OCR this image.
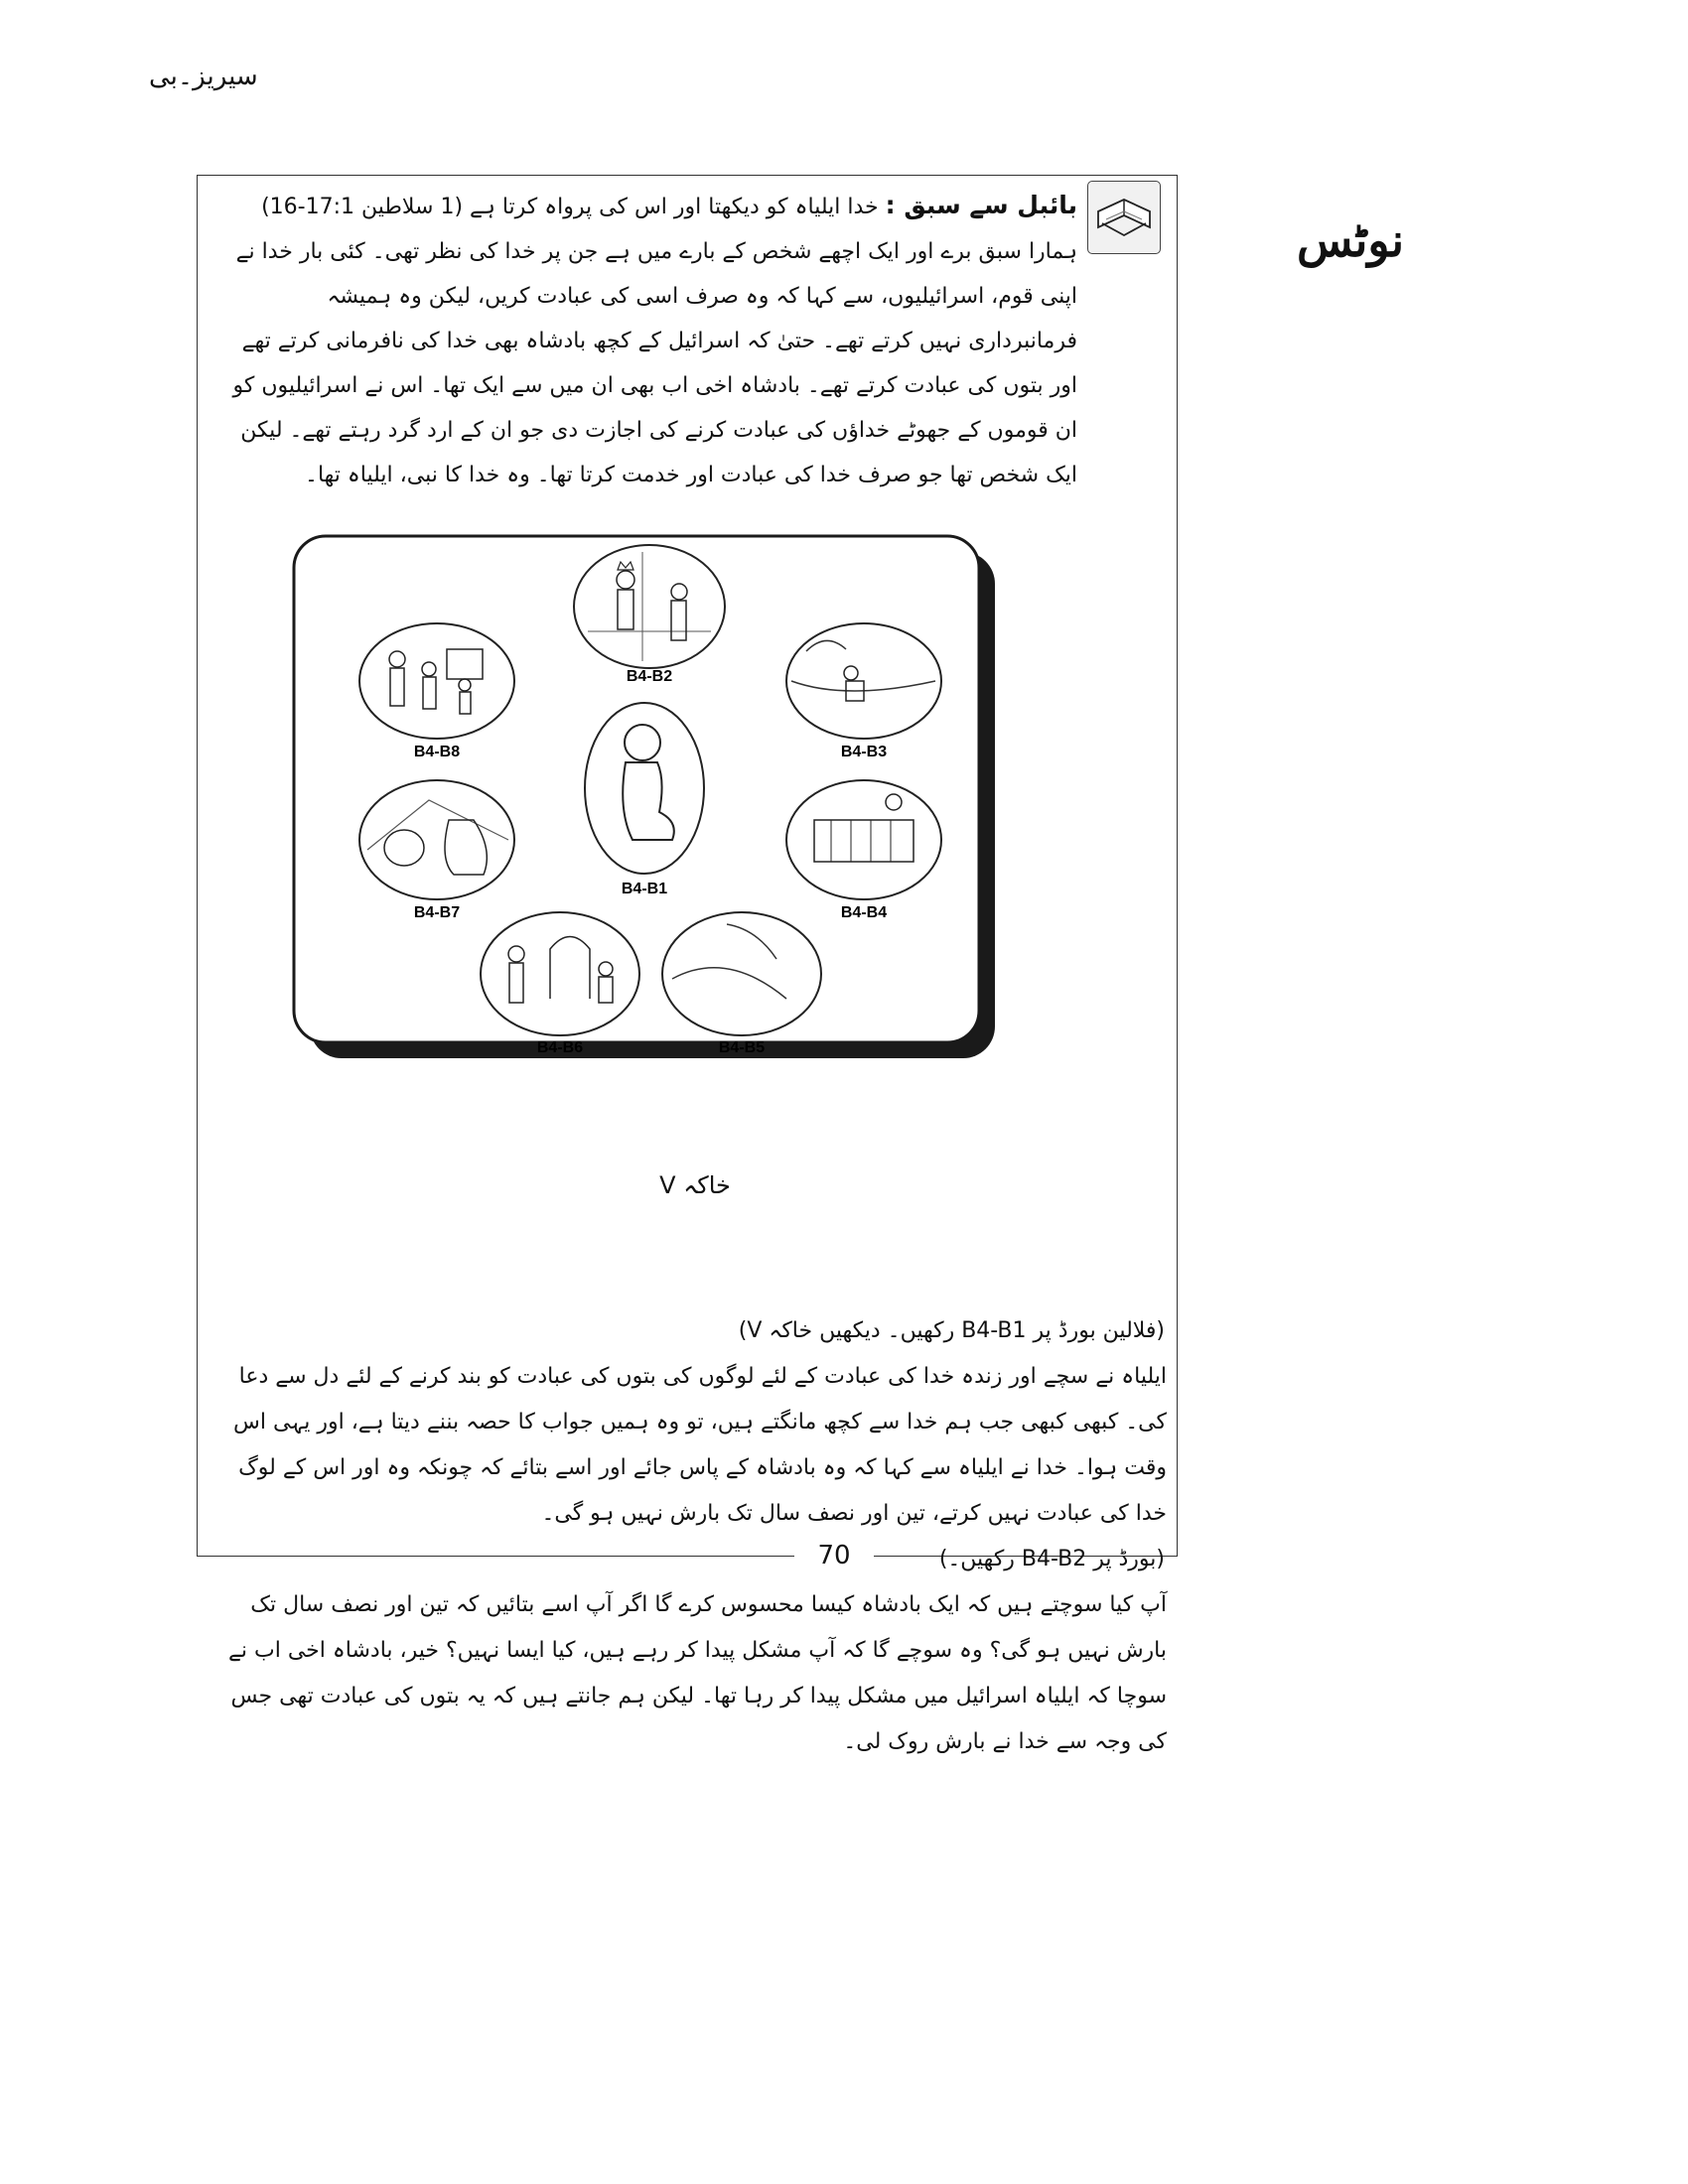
سیریز۔بی
نوٹس
70

بائبل سے سبق : خدا ایلیاہ کو دیکھتا اور اس کی پرواہ کرتا ہے (1 سلاطین 17:1-16) ہمارا سبق برے اور ایک اچھے شخص کے بارے میں ہے جن پر خدا کی نظر تھی۔ کئی بار خدا نے اپنی قوم، اسرائیلیوں، سے کہا کہ وہ صرف اسی کی عبادت کریں، لیکن وہ ہمیشہ فرمانبرداری نہیں کرتے تھے۔ حتیٰ کہ اسرائیل کے کچھ بادشاہ بھی خدا کی نافرمانی کرتے تھے اور بتوں کی عبادت کرتے تھے۔ بادشاہ اخی اب بھی ان میں سے ایک تھا۔ اس نے اسرائیلیوں کو ان قوموں کے جھوٹے خداؤں کی عبادت کرنے کی اجازت دی جو ان کے ارد گرد رہتے تھے۔ لیکن ایک شخص تھا جو صرف خدا کی عبادت اور خدمت کرتا تھا۔ وہ خدا کا نبی، ایلیاہ تھا۔

B4-B2
B4-B3
B4-B8
B4-B1
B4-B7	B4-B4
B4-B6	B4-B5
خاکہ V

(فلالین بورڈ پر B4-B1 رکھیں۔ دیکھیں خاکہ V)

ایلیاہ نے سچے اور زندہ خدا کی عبادت کے لئے لوگوں کی بتوں کی عبادت کو بند کرنے کے لئے دل سے دعا کی۔ کبھی کبھی جب ہم خدا سے کچھ مانگتے ہیں، تو وہ ہمیں جواب کا حصہ بننے دیتا ہے، اور یہی اس وقت ہوا۔ خدا نے ایلیاہ سے کہا کہ وہ بادشاہ کے پاس جائے اور اسے بتائے کہ چونکہ وہ اور اس کے لوگ خدا کی عبادت نہیں کرتے، تین اور نصف سال تک بارش نہیں ہو گی۔

(بورڈ پر B4-B2 رکھیں۔)

آپ کیا سوچتے ہیں کہ ایک بادشاہ کیسا محسوس کرے گا اگر آپ اسے بتائیں کہ تین اور نصف سال تک بارش نہیں ہو گی؟ وہ سوچے گا کہ آپ مشکل پیدا کر رہے ہیں، کیا ایسا نہیں؟ خیر، بادشاہ اخی اب نے سوچا کہ ایلیاہ اسرائیل میں مشکل پیدا کر رہا تھا۔ لیکن ہم جانتے ہیں کہ یہ بتوں کی عبادت تھی جس کی وجہ سے خدا نے بارش روک لی۔
